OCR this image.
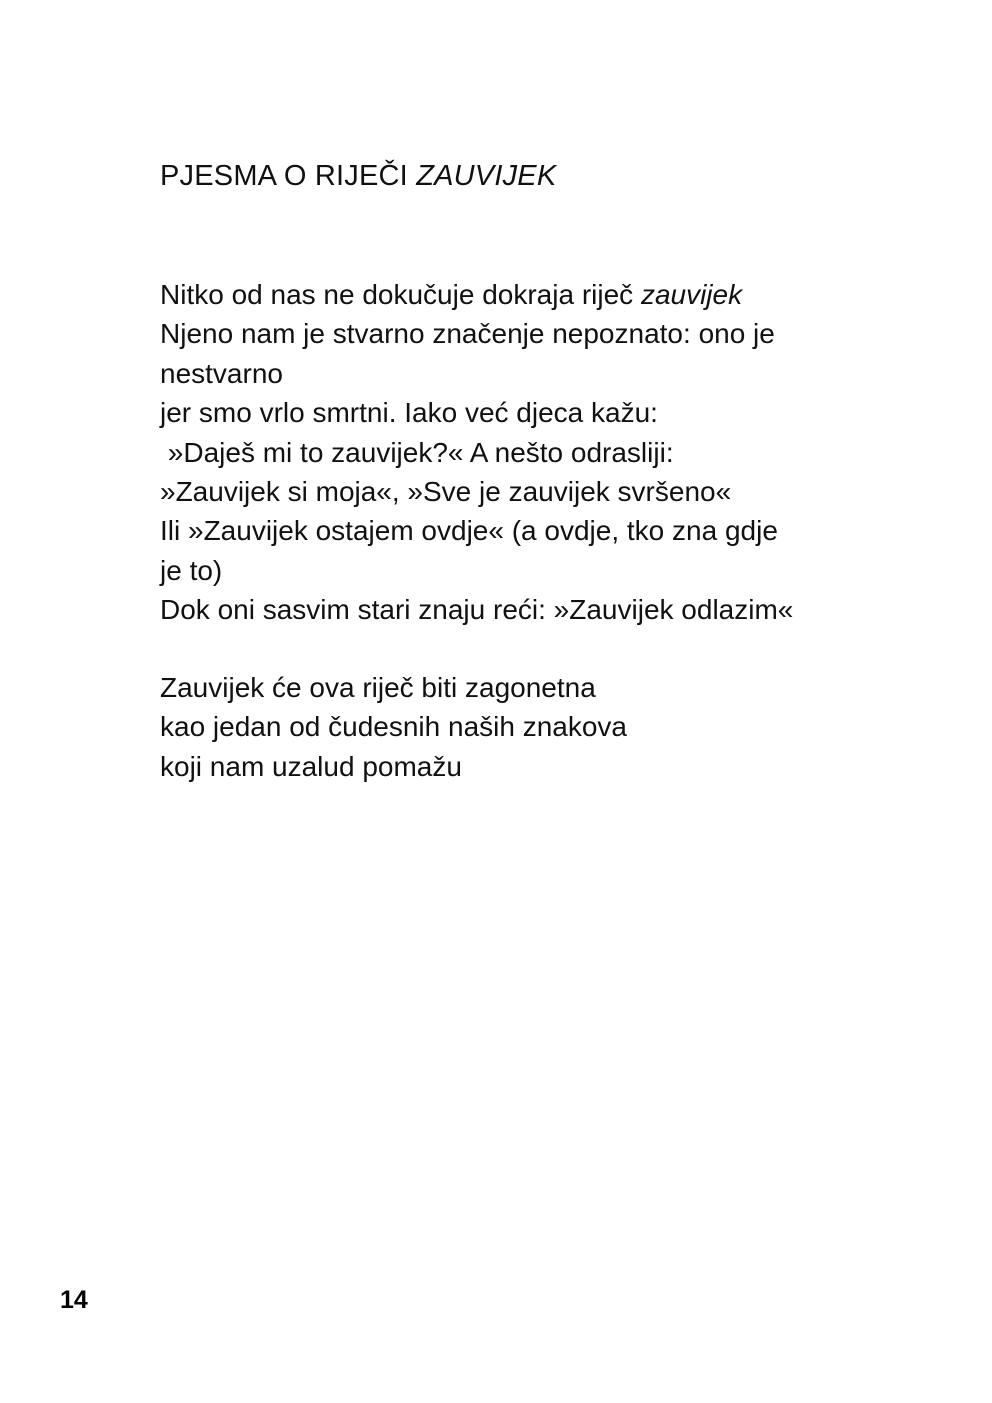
PJESMA O RIJEČI ZAUVIJEK
Nitko od nas ne dokučuje dokraja riječ zauvijek
Njeno nam je stvarno značenje nepoznato: ono je
nestvarno
jer smo vrlo smrtni. Iako već djeca kažu:
»Daješ mi to zauvijek?« A nešto odrasliji:
»Zauvijek si moja«, »Sve je zauvijek svršeno«
Ili »Zauvijek ostajem ovdje« (a ovdje, tko zna gdje
je to)
Dok oni sasvim stari znaju reći: »Zauvijek odlazim«
Zauvijek će ova riječ biti zagonetna
kao jedan od čudesnih naših znakova
koji nam uzalud pomažu
14
